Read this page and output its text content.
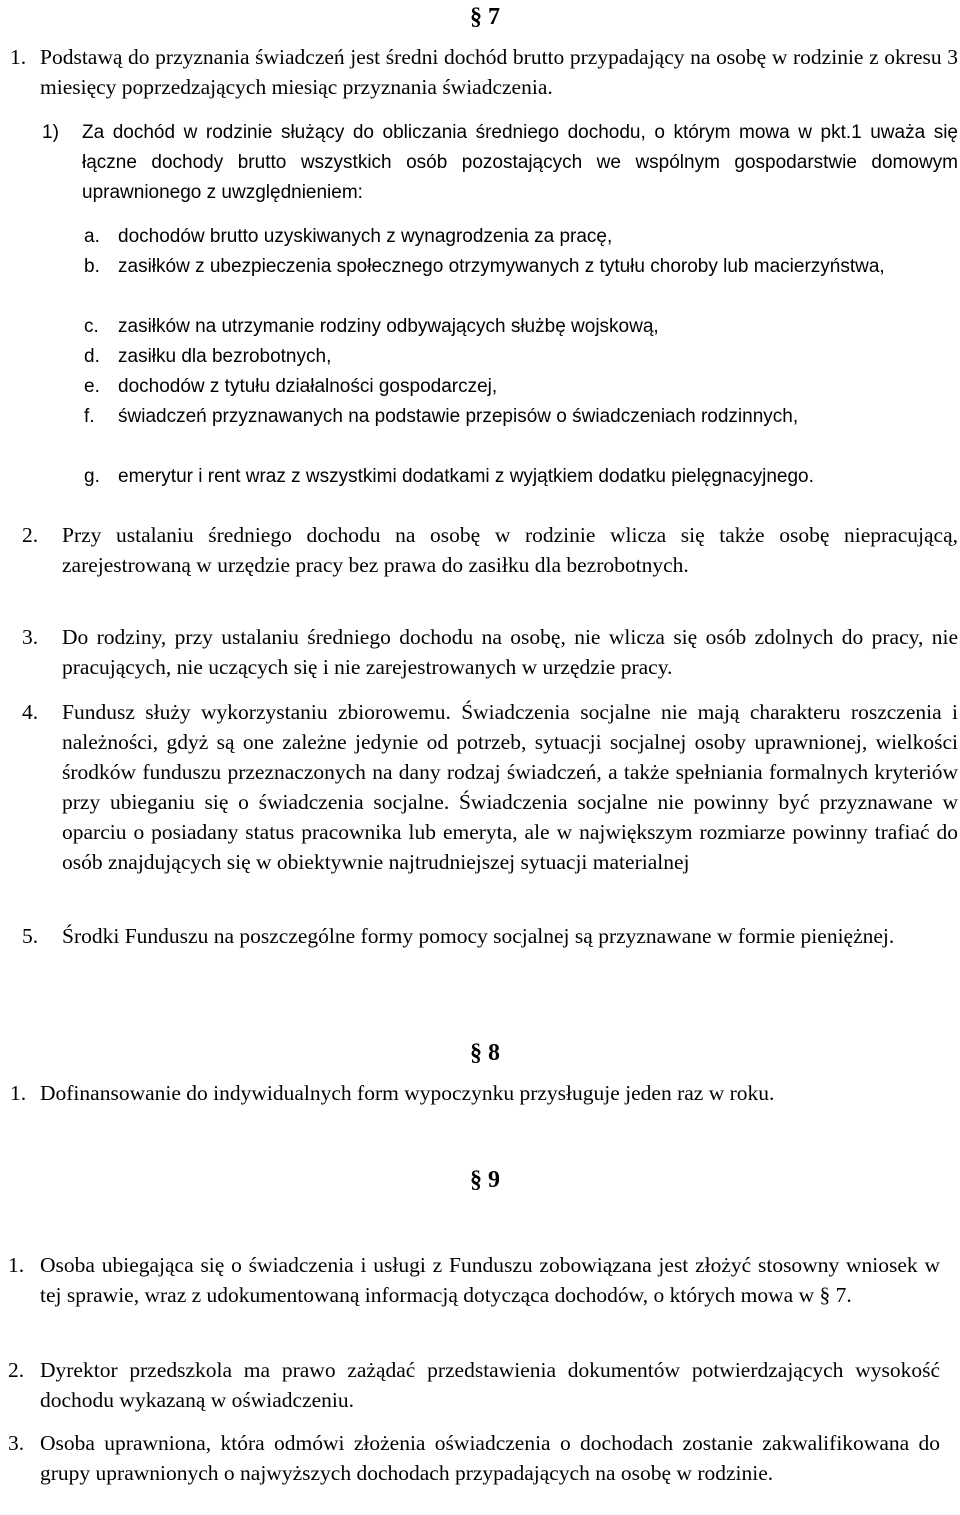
§ 7
1. Podstawą do przyznania świadczeń jest średni dochód brutto przypadający na osobę w rodzinie z okresu 3 miesięcy poprzedzających miesiąc przyznania świadczenia.
1) Za dochód w rodzinie służący do obliczania średniego dochodu, o którym mowa w pkt.1 uważa się łączne dochody brutto wszystkich osób pozostających we wspólnym gospodarstwie domowym uprawnionego z uwzględnieniem:
a. dochodów brutto uzyskiwanych z wynagrodzenia za pracę,
b. zasiłków z ubezpieczenia społecznego otrzymywanych z tytułu choroby lub macierzyństwa,
c. zasiłków na utrzymanie rodziny odbywających służbę wojskową,
d. zasiłku dla bezrobotnych,
e. dochodów z tytułu działalności gospodarczej,
f. świadczeń przyznawanych na podstawie przepisów o świadczeniach rodzinnych,
g. emerytur i rent wraz z wszystkimi dodatkami z wyjątkiem dodatku pielęgnacyjnego.
2. Przy ustalaniu średniego dochodu na osobę w rodzinie wlicza się także osobę niepracującą, zarejestrowaną w urzędzie pracy bez prawa do zasiłku dla bezrobotnych.
3. Do rodziny, przy ustalaniu średniego dochodu na osobę, nie wlicza się osób zdolnych do pracy, nie pracujących, nie uczących się i nie zarejestrowanych w urzędzie pracy.
4. Fundusz służy wykorzystaniu zbiorowemu. Świadczenia socjalne nie mają charakteru roszczenia i należności, gdyż są one zależne jedynie od potrzeb, sytuacji socjalnej osoby uprawnionej, wielkości środków funduszu przeznaczonych na dany rodzaj świadczeń, a także spełniania formalnych kryteriów przy ubieganiu się o świadczenia socjalne. Świadczenia socjalne nie powinny być przyznawane w oparciu o posiadany status pracownika lub emeryta, ale w największym rozmiarze powinny trafiać do osób znajdujących się w obiektywnie najtrudniejszej sytuacji materialnej
5. Środki Funduszu na poszczególne formy pomocy socjalnej są przyznawane w formie pieniężnej.
§ 8
1. Dofinansowanie do indywidualnych form wypoczynku przysługuje jeden raz w roku.
§ 9
1. Osoba ubiegająca się o świadczenia i usługi z Funduszu zobowiązana jest złożyć stosowny wniosek w tej sprawie, wraz z udokumentowaną informacją dotycząca dochodów, o których mowa w § 7.
2. Dyrektor przedszkola ma prawo zażądać przedstawienia dokumentów potwierdzających wysokość dochodu wykazaną w oświadczeniu.
3. Osoba uprawniona, która odmówi złożenia oświadczenia o dochodach zostanie zakwalifikowana do grupy uprawnionych o najwyższych dochodach przypadających na osobę w rodzinie.
